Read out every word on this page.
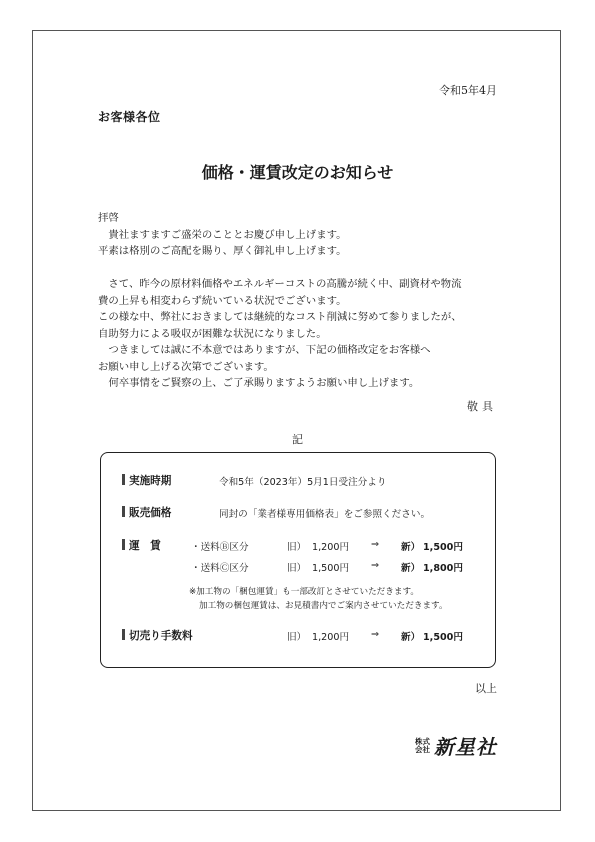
令和5年4月
お客様各位
価格・運賃改定のお知らせ
拝啓
　貴社ますますご盛栄のこととお慶び申し上げます。
平素は格別のご高配を賜り、厚く御礼申し上げます。
　さて、昨今の原材料価格やエネルギーコストの高騰が続く中、副資材や物流
費の上昇も相変わらず続いている状況でございます。
この様な中、弊社におきましては継続的なコスト削減に努めて参りましたが、
自助努力による吸収が困難な状況になりました。
　つきましては誠に不本意ではありますが、下記の価格改定をお客様へ
お願い申し上げる次第でございます。
　何卒事情をご賢察の上、ご了承賜りますようお願い申し上げます。
敬具
記
実施時期	令和5年（2023年）5月1日受注分より
販売価格	同封の「業者様専用価格表」をご参照ください。
運　賃	・送料Ⓑ区分	旧） 1,200円 ⇒ 新） 1,500円
・送料Ⓒ区分	旧） 1,500円 ⇒ 新） 1,800円
※加工物の「梱包運賃」も一部改訂とさせていただきます。
加工物の梱包運賃は、お見積書内でご案内させていただきます。
切売り手数料	旧） 1,200円 ⇒ 新） 1,500円
以上
株式
会社 新星社
